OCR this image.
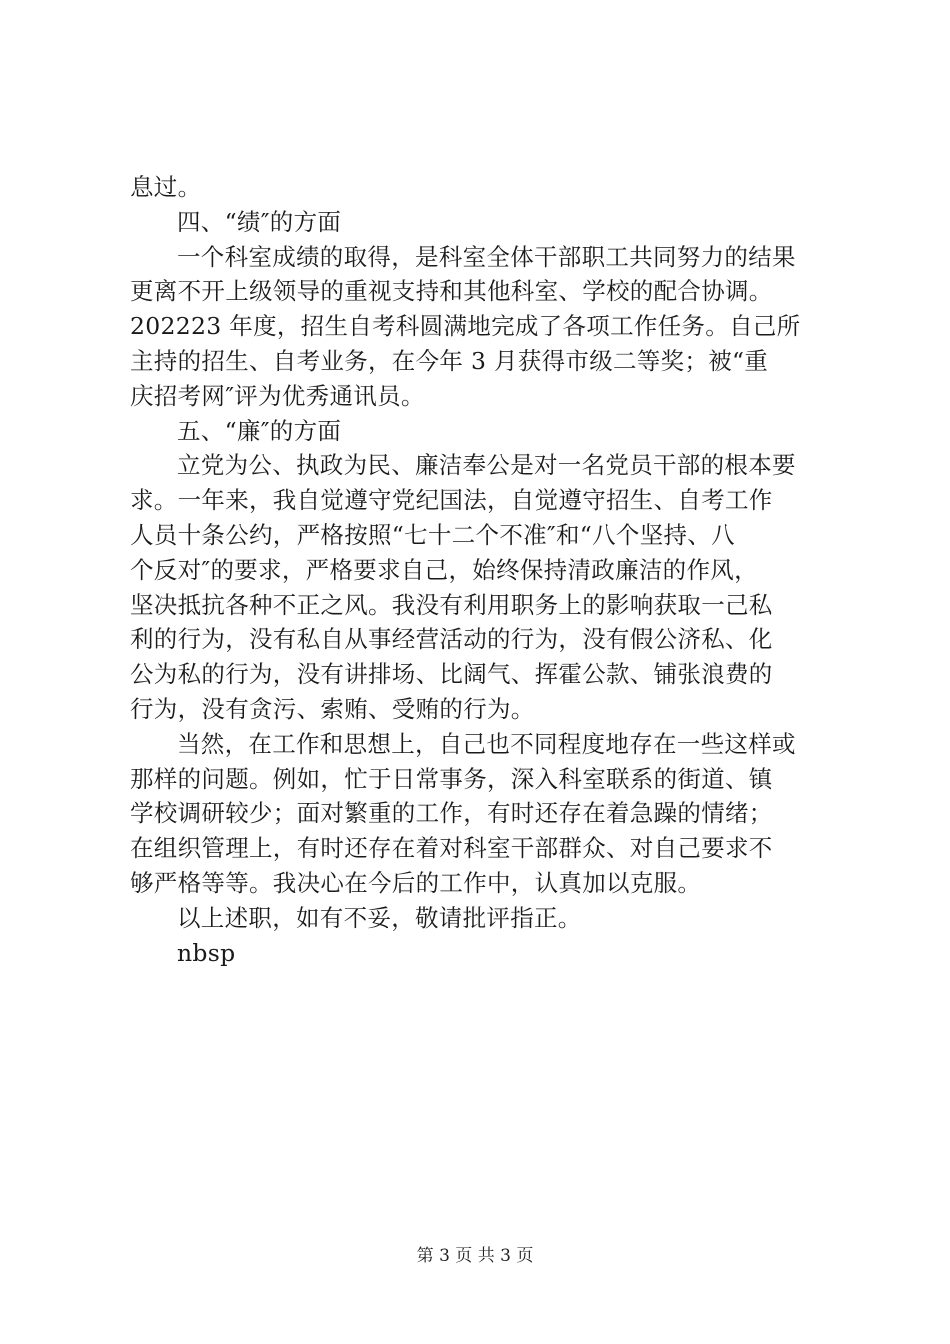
息过。
四、“绩″的方面
一个科室成绩的取得，是科室全体干部职工共同努力的结果
更离不开上级领导的重视支持和其他科室、学校的配合协调。
202223 年度，招生自考科圆满地完成了各项工作任务。自己所
主持的招生、自考业务，在今年 3 月获得市级二等奖；被“重
庆招考网″评为优秀通讯员。
五、“廉″的方面
立党为公、执政为民、廉洁奉公是对一名党员干部的根本要
求。一年来，我自觉遵守党纪国法，自觉遵守招生、自考工作
人员十条公约，严格按照“七十二个不准″和“八个坚持、八
个反对″的要求，严格要求自己，始终保持清政廉洁的作风，
坚决抵抗各种不正之风。我没有利用职务上的影响获取一己私
利的行为，没有私自从事经营活动的行为，没有假公济私、化
公为私的行为，没有讲排场、比阔气、挥霍公款、铺张浪费的
行为，没有贪污、索贿、受贿的行为。
当然，在工作和思想上，自己也不同程度地存在一些这样或
那样的问题。例如，忙于日常事务，深入科室联系的街道、镇
学校调研较少；面对繁重的工作，有时还存在着急躁的情绪；
在组织管理上，有时还存在着对科室干部群众、对自己要求不
够严格等等。我决心在今后的工作中，认真加以克服。
以上述职，如有不妥，敬请批评指正。
nbsp
第 3 页 共 3 页
